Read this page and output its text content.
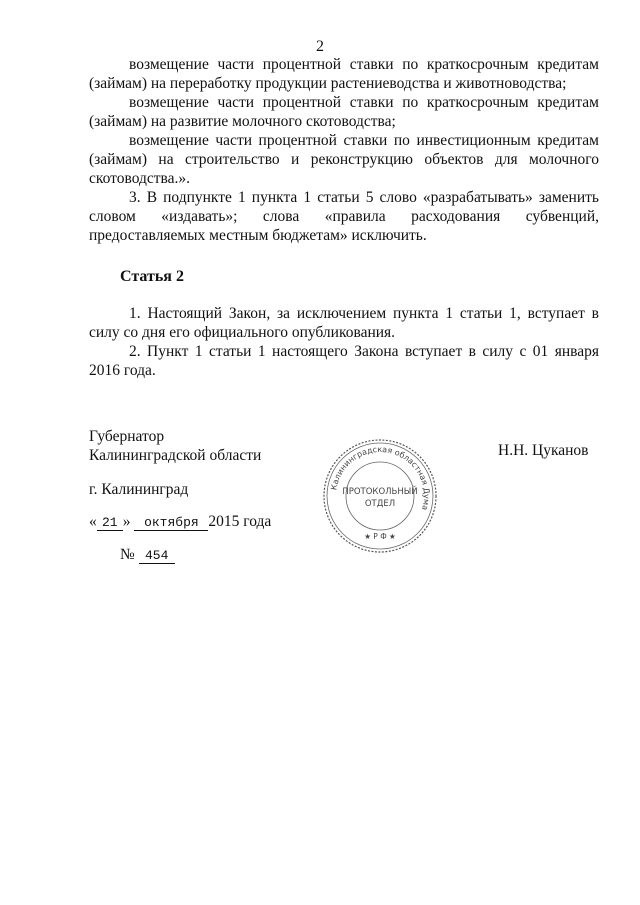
2

возмещение части процентной ставки по краткосрочным кредитам (займам) на переработку продукции растениеводства и животноводства;

возмещение части процентной ставки по краткосрочным кредитам (займам) на развитие молочного скотоводства;

возмещение части процентной ставки по инвестиционным кредитам (займам) на строительство и реконструкцию объектов для молочного скотоводства.».

3. В подпункте 1 пункта 1 статьи 5 слово «разрабатывать» заменить словом «издавать»; слова «правила расходования субвенций, предоставляемых местным бюджетам» исключить.

Статья 2

1. Настоящий Закон, за исключением пункта 1 статьи 1, вступает в силу со дня его официального опубликования.

2. Пункт 1 статьи 1 настоящего Закона вступает в силу с 01 января 2016 года.

Губернатор
Калининградской области	Н.Н. Цуканов
г. Калининград
« 21 » октября 2015 года
№ 454
Калининградская областная Дума
ПРОТОКОЛЬНЫЙ
ОТДЕЛ
★ Р Ф ★
